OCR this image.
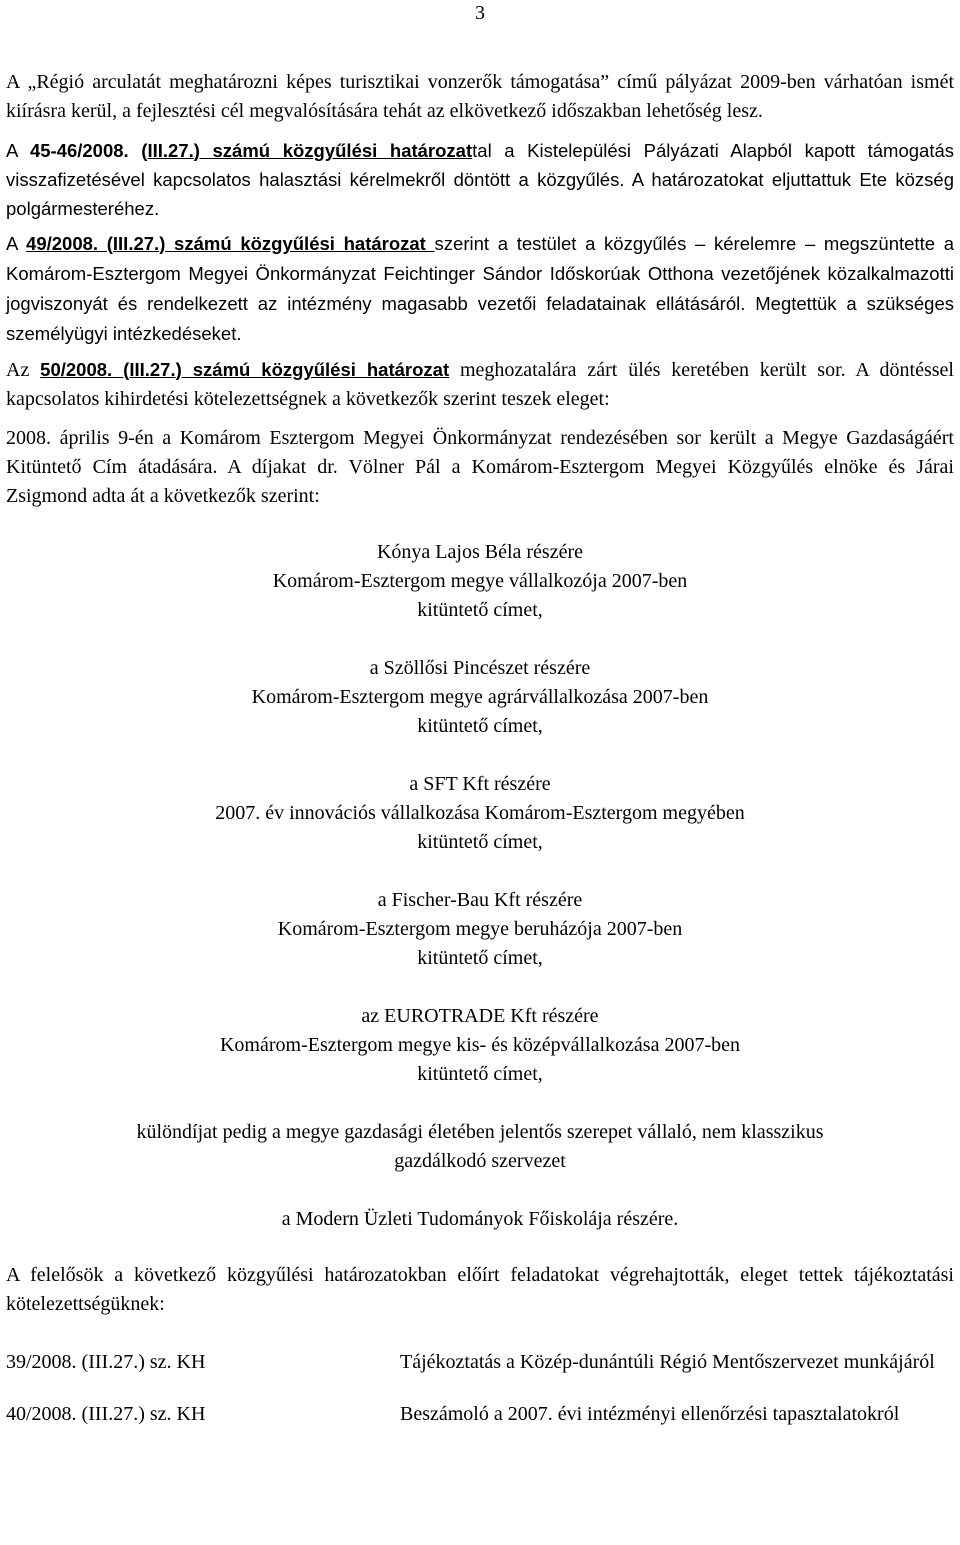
3

A „Régió arculatát meghatározni képes turisztikai vonzerők támogatása” című pályázat 2009-ben várhatóan ismét kiírásra kerül, a fejlesztési cél megvalósítására tehát az elkövetkező időszakban lehetőség lesz.

A 45-46/2008. (III.27.) számú közgyűlési határozattal a Kistelepülési Pályázati Alapból kapott támogatás visszafizetésével kapcsolatos halasztási kérelmekről döntött a közgyűlés. A határozatokat eljuttattuk Ete község polgármesteréhez.

A 49/2008. (III.27.) számú közgyűlési határozat szerint a testület a közgyűlés – kérelemre – megszüntette a Komárom-Esztergom Megyei Önkormányzat Feichtinger Sándor Időskorúak Otthona vezetőjének közalkalmazotti jogviszonyát és rendelkezett az intézmény magasabb vezetői feladatainak ellátásáról. Megtettük a szükséges személyügyi intézkedéseket.

Az 50/2008. (III.27.) számú közgyűlési határozat meghozatalára zárt ülés keretében került sor. A döntéssel kapcsolatos kihirdetési kötelezettségnek a következők szerint teszek eleget:

2008. április 9-én a Komárom Esztergom Megyei Önkormányzat rendezésében sor került a Megye Gazdaságáért Kitüntető Cím átadására. A díjakat dr. Völner Pál a Komárom-Esztergom Megyei Közgyűlés elnöke és Járai Zsigmond adta át a következők szerint:

Kónya Lajos Béla részére

Komárom-Esztergom megye vállalkozója 2007-ben

kitüntető címet,

a Szöllősi Pincészet részére

Komárom-Esztergom megye agrárvállalkozása 2007-ben

kitüntető címet,

a SFT Kft részére

2007. év innovációs vállalkozása Komárom-Esztergom megyében

kitüntető címet,

a Fischer-Bau Kft részére

Komárom-Esztergom megye beruházója 2007-ben

kitüntető címet,

az EUROTRADE Kft részére

Komárom-Esztergom megye kis- és középvállalkozása 2007-ben

kitüntető címet,

különdíjat pedig a megye gazdasági életében jelentős szerepet vállaló, nem klasszikus

gazdálkodó szervezet

a Modern Üzleti Tudományok Főiskolája részére.

A felelősök a következő közgyűlési határozatokban előírt feladatokat végrehajtották, eleget tettek tájékoztatási kötelezettségüknek:

39/2008. (III.27.) sz. KH	Tájékoztatás a Közép-dunántúli Régió Mentőszervezet munkájáról
40/2008. (III.27.) sz. KH	Beszámoló a 2007. évi intézményi ellenőrzési tapasztalatokról
